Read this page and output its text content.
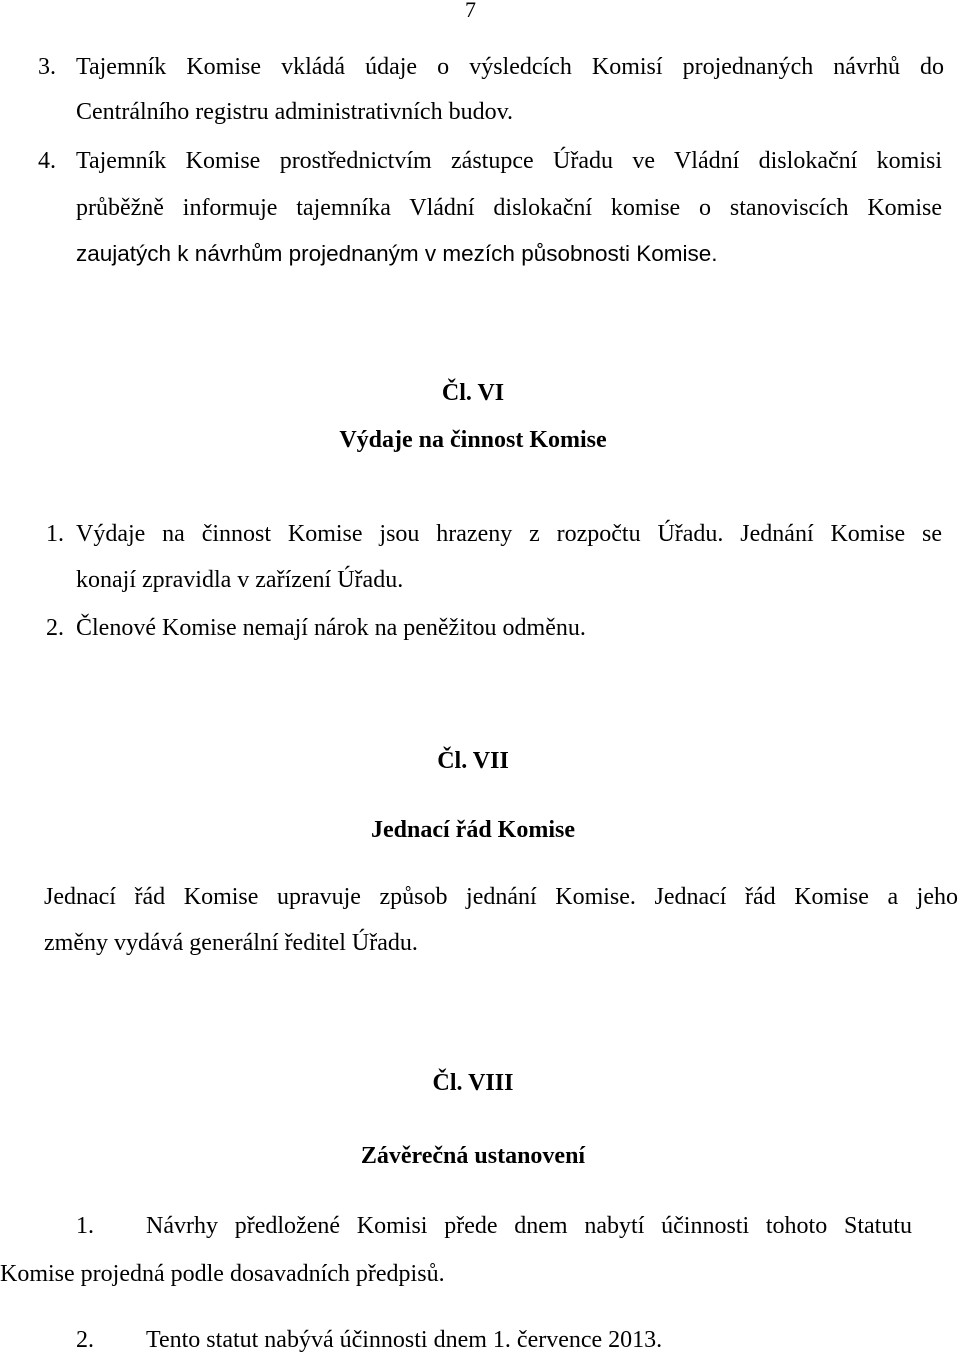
7
3. Tajemník Komise vkládá údaje o výsledcích Komisí projednaných návrhů do
Centrálního registru administrativních budov.
4. Tajemník Komise prostřednictvím zástupce Úřadu ve Vládní dislokační komisi
průběžně informuje tajemníka Vládní dislokační komise o stanoviscích Komise
zaujatých k návrhům projednaným v mezích působnosti Komise.
Čl. VI
Výdaje na činnost Komise
1. Výdaje na činnost Komise jsou hrazeny z rozpočtu Úřadu. Jednání Komise se
konají zpravidla v zařízení Úřadu.
2. Členové Komise nemají nárok na peněžitou odměnu.
Čl. VII
Jednací řád Komise
Jednací řád Komise upravuje způsob jednání Komise. Jednací řád Komise a jeho
změny vydává generální ředitel Úřadu.
Čl. VIII
Závěrečná ustanovení
1. Návrhy předložené Komisi přede dnem nabytí účinnosti tohoto Statutu
Komise projedná podle dosavadních předpisů.
2. Tento statut nabývá účinnosti dnem 1. července 2013.
